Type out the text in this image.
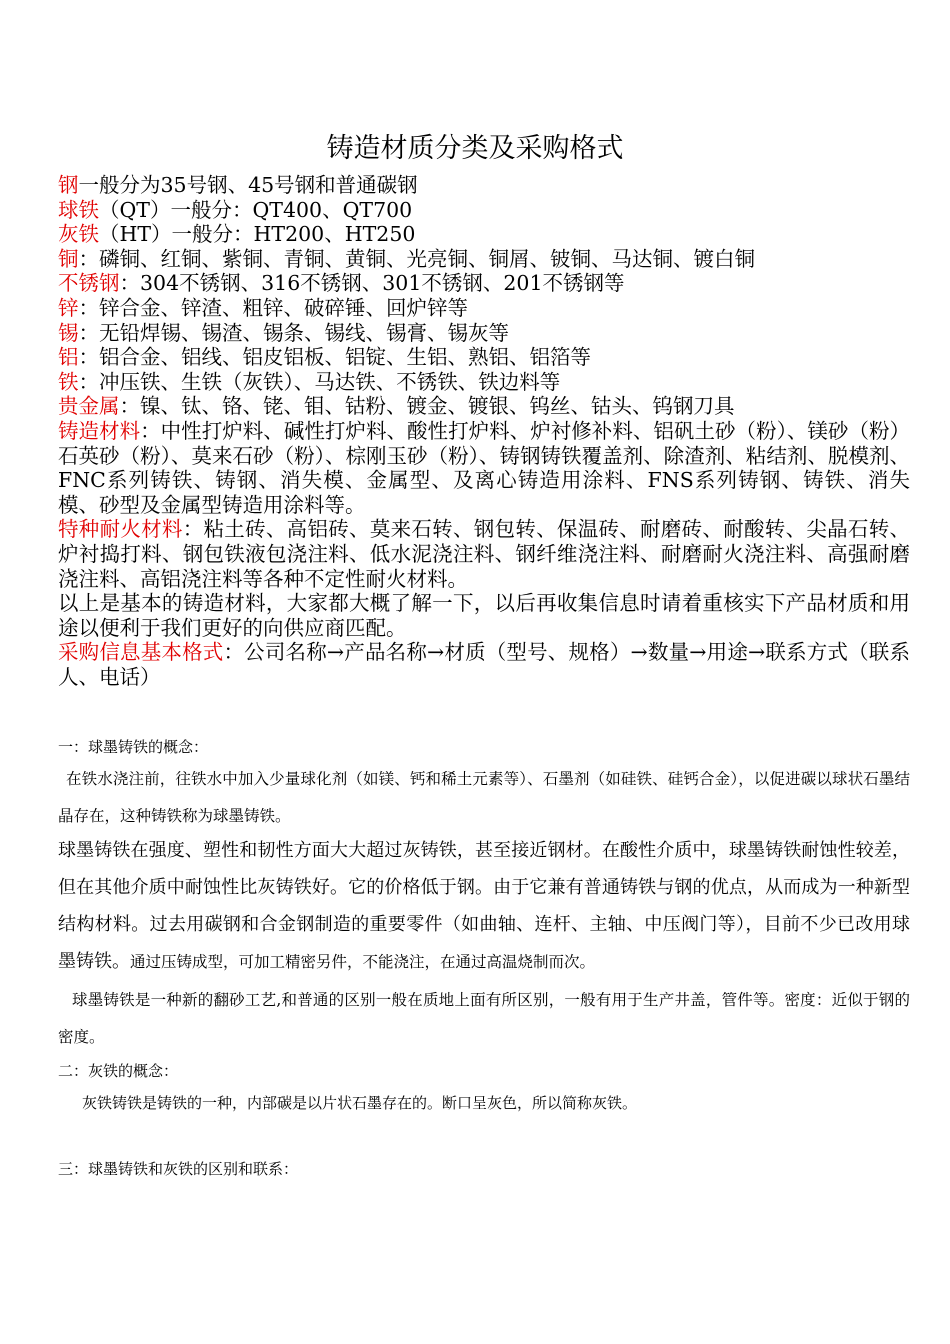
铸造材质分类及采购格式

钢一般分为35号钢、45号钢和普通碳钢

球铁（QT）一般分：QT400、QT700

灰铁（HT）一般分：HT200、HT250

铜：磷铜、红铜、紫铜、青铜、黄铜、光亮铜、铜屑、铍铜、马达铜、镀白铜

不锈钢：304不锈钢、316不锈钢、301不锈钢、201不锈钢等

锌：锌合金、锌渣、粗锌、破碎锤、回炉锌等

锡：无铅焊锡、锡渣、锡条、锡线、锡膏、锡灰等

铝：铝合金、铝线、铝皮铝板、铝锭、生铝、熟铝、铝箔等

铁：冲压铁、生铁（灰铁）、马达铁、不锈铁、铁边料等

贵金属：镍、钛、铬、铑、钼、钴粉、镀金、镀银、钨丝、钴头、钨钢刀具

铸造材料：中性打炉料、碱性打炉料、酸性打炉料、炉衬修补料、铝矾土砂（粉）、镁砂（粉）石英砂（粉）、莫来石砂（粉）、棕刚玉砂（粉）、铸钢铸铁覆盖剂、除渣剂、粘结剂、脱模剂、FNC系列铸铁、铸钢、消失模、金属型、及离心铸造用涂料、FNS系列铸钢、铸铁、消失模、砂型及金属型铸造用涂料等。

特种耐火材料：粘土砖、高铝砖、莫来石转、钢包转、保温砖、耐磨砖、耐酸转、尖晶石转、炉衬捣打料、钢包铁液包浇注料、低水泥浇注料、钢纤维浇注料、耐磨耐火浇注料、高强耐磨浇注料、高铝浇注料等各种不定性耐火材料。

以上是基本的铸造材料，大家都大概了解一下，以后再收集信息时请着重核实下产品材质和用途以便利于我们更好的向供应商匹配。

采购信息基本格式：公司名称→产品名称→材质（型号、规格）→数量→用途→联系方式（联系人、电话）

一：球墨铸铁的概念：
在铁水浇注前，往铁水中加入少量球化剂（如镁、钙和稀土元素等）、石墨剂（如硅铁、硅钙合金），以促进碳以球状石墨结晶存在，这种铸铁称为球墨铸铁。
球墨铸铁在强度、塑性和韧性方面大大超过灰铸铁，甚至接近钢材。在酸性介质中，球墨铸铁耐蚀性较差，但在其他介质中耐蚀性比灰铸铁好。它的价格低于钢。由于它兼有普通铸铁与钢的优点，从而成为一种新型结构材料。过去用碳钢和合金钢制造的重要零件（如曲轴、连杆、主轴、中压阀门等），目前不少已改用球墨铸铁。通过压铸成型，可加工精密另件，不能浇注，在通过高温烧制而次。
球墨铸铁是一种新的翻砂工艺,和普通的区别一般在质地上面有所区别，一般有用于生产井盖，管件等。密度：近似于钢的密度。
二：灰铁的概念：
灰铁铸铁是铸铁的一种，内部碳是以片状石墨存在的。断口呈灰色，所以简称灰铁。
三：球墨铸铁和灰铁的区别和联系：
